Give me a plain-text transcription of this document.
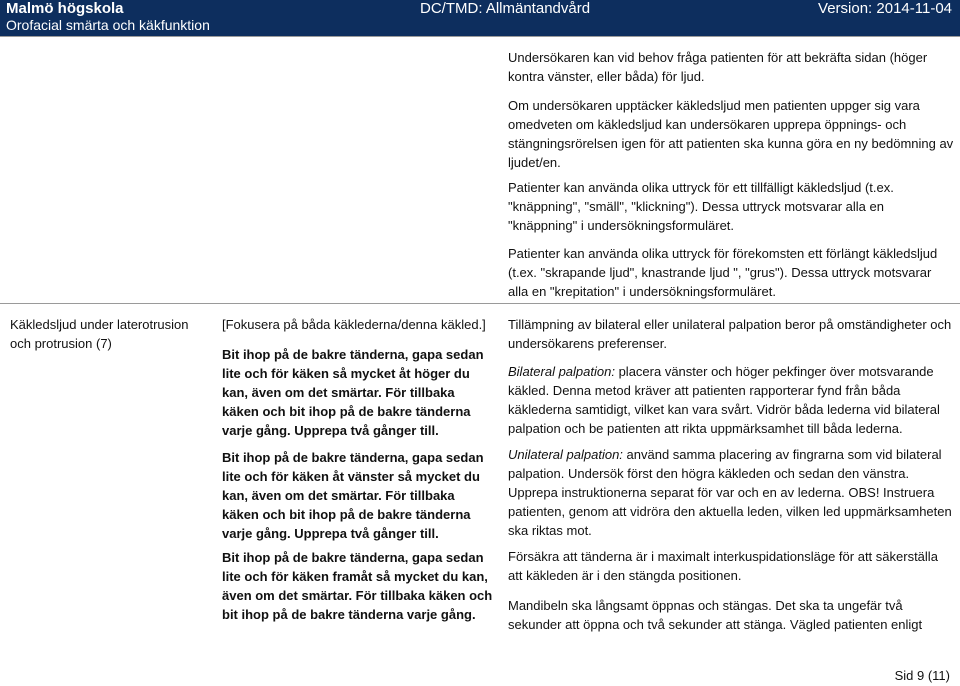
Malmö högskola
Orofacial smärta och käkfunktion
DC/TMD: Allmäntandvård	Version: 2014-11-04
Undersökaren kan vid behov fråga patienten för att bekräfta sidan (höger kontra vänster, eller båda) för ljud.
Om undersökaren upptäcker käkledsljud men patienten uppger sig vara omedveten om käkledsljud kan undersökaren upprepa öppnings- och stängningsrörelsen igen för att patienten ska kunna göra en ny bedömning av ljudet/en.
Patienter kan använda olika uttryck för ett tillfälligt käkledsljud (t.ex. "knäppning", "smäll", "klickning"). Dessa uttryck motsvarar alla en "knäppning" i undersökningsformuläret.
Patienter kan använda olika uttryck för förekomsten ett förlängt käkledsljud (t.ex. "skrapande ljud", knastrande ljud ", "grus"). Dessa uttryck motsvarar alla en "krepitation" i undersökningsformuläret.
Käkledsljud under laterotrusion och protrusion (7)
[Fokusera på båda käklederna/denna käkled.]
Bit ihop på de bakre tänderna, gapa sedan lite och för käken så mycket åt höger du kan, även om det smärtar. För tillbaka käken och bit ihop på de bakre tänderna varje gång. Upprepa två gånger till.
Bit ihop på de bakre tänderna, gapa sedan lite och för käken åt vänster så mycket du kan, även om det smärtar. För tillbaka käken och bit ihop på de bakre tänderna varje gång. Upprepa två gånger till.
Bit ihop på de bakre tänderna, gapa sedan lite och för käken framåt så mycket du kan, även om det smärtar. För tillbaka käken och bit ihop på de bakre tänderna varje gång.
Tillämpning av bilateral eller unilateral palpation beror på omständigheter och undersökarens preferenser.
Bilateral palpation: placera vänster och höger pekfinger över motsvarande käkled. Denna metod kräver att patienten rapporterar fynd från båda käklederna samtidigt, vilket kan vara svårt. Vidrör båda lederna vid bilateral palpation och be patienten att rikta uppmärksamhet till båda lederna.
Unilateral palpation: använd samma placering av fingrarna som vid bilateral palpation. Undersök först den högra käkleden och sedan den vänstra. Upprepa instruktionerna separat för var och en av lederna. OBS! Instruera patienten, genom att vidröra den aktuella leden, vilken led uppmärksamheten ska riktas mot.
Försäkra att tänderna är i maximalt interkuspidationsläge för att säkerställa att käkleden är i den stängda positionen.
Mandibeln ska långsamt öppnas och stängas. Det ska ta ungefär två sekunder att öppna och två sekunder att stänga. Vägled patienten enligt
Sid 9 (11)
